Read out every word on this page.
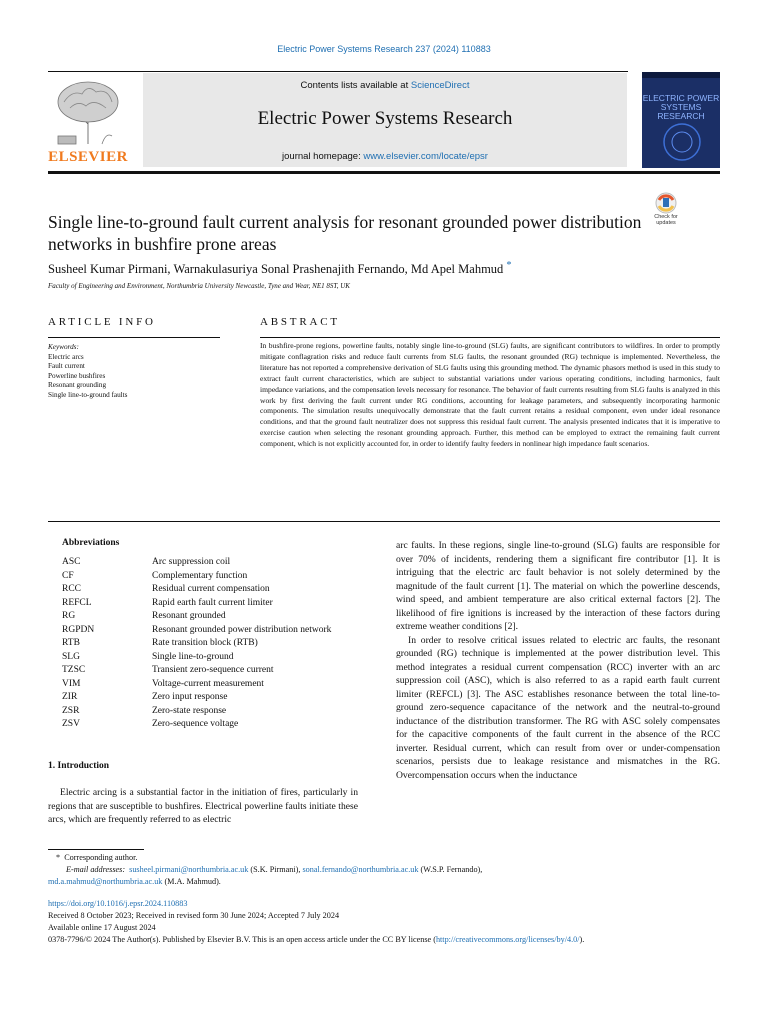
Electric Power Systems Research 237 (2024) 110883
ELSEVIER
Contents lists available at ScienceDirect
Electric Power Systems Research
journal homepage: www.elsevier.com/locate/epsr
ELECTRIC POWER SYSTEMS RESEARCH
Single line-to-ground fault current analysis for resonant grounded power distribution networks in bushfire prone areas
Check for updates
Susheel Kumar Pirmani, Warnakulasuriya Sonal Prashenajith Fernando, Md Apel Mahmud *
Faculty of Engineering and Environment, Northumbria University Newcastle, Tyne and Wear, NE1 8ST, UK
ARTICLE INFO
Keywords:
Electric arcs
Fault current
Powerline bushfires
Resonant grounding
Single line-to-ground faults
ABSTRACT
In bushfire-prone regions, powerline faults, notably single line-to-ground (SLG) faults, are significant contributors to wildfires. In order to promptly mitigate conflagration risks and reduce fault currents from SLG faults, the resonant grounded (RG) technique is implemented. Nevertheless, the literature has not reported a comprehensive derivation of SLG faults using this grounding method. The dynamic phasors method is used in this study to extract fault current characteristics, which are subject to substantial variations under various operating conditions, including harmonics, fault impedance variations, and the compensation levels necessary for resonance. The behavior of fault currents resulting from SLG faults is analyzed in this work by first deriving the fault current under RG conditions, accounting for leakage parameters, and subsequently incorporating harmonic components. The simulation results unequivocally demonstrate that the fault current retains a residual component, even under ideal resonance conditions, and that the ground fault neutralizer does not suppress this residual fault current. The analysis presented indicates that it is imperative to exercise caution when selecting the resonant grounding approach. Further, this method can be employed to extract the remaining fault current component, which is not explicitly accounted for, in order to identify faulty feeders in nonlinear high impedance fault scenarios.
Abbreviations
ASC	Arc suppression coil
CF	Complementary function
RCC	Residual current compensation
REFCL	Rapid earth fault current limiter
RG	Resonant grounded
RGPDN	Resonant grounded power distribution network
RTB	Rate transition block (RTB)
SLG	Single line-to-ground
TZSC	Transient zero-sequence current
VIM	Voltage-current measurement
ZIR	Zero input response
ZSR	Zero-state response
ZSV	Zero-sequence voltage
1. Introduction
Electric arcing is a substantial factor in the initiation of fires, particularly in regions that are susceptible to bushfires. Electrical powerline faults initiate these arcs, which are frequently referred to as electric
arc faults. In these regions, single line-to-ground (SLG) faults are responsible for over 70% of incidents, rendering them a significant fire contributor [1]. It is intriguing that the electric arc fault behavior is not solely determined by the magnitude of the fault current [1]. The material on which the powerline descends, wind speed, and ambient temperature are also critical external factors [2]. The likelihood of fire ignitions is increased by the interaction of these factors during extreme weather conditions [2].
In order to resolve critical issues related to electric arc faults, the resonant grounded (RG) technique is implemented at the power distribution level. This method integrates a residual current compensation (RCC) inverter with an arc suppression coil (ASC), which is also referred to as a rapid earth fault current limiter (REFCL) [3]. The ASC establishes resonance between the total line-to-ground zero-sequence capacitance of the network and the neutral-to-ground inductance of the distribution transformer. The RG with ASC solely compensates for the capacitive components of the fault current in the absence of the RCC inverter. Residual current, which can result from over or under-compensation scenarios, persists due to leakage resistance and mismatches in the RG. Overcompensation occurs when the inductance
* Corresponding author.
E-mail addresses: susheel.pirmani@northumbria.ac.uk (S.K. Pirmani), sonal.fernando@northumbria.ac.uk (W.S.P. Fernando),
md.a.mahmud@northumbria.ac.uk (M.A. Mahmud).
https://doi.org/10.1016/j.epsr.2024.110883
Received 8 October 2023; Received in revised form 30 June 2024; Accepted 7 July 2024
Available online 17 August 2024
0378-7796/© 2024 The Author(s). Published by Elsevier B.V. This is an open access article under the CC BY license (http://creativecommons.org/licenses/by/4.0/).
